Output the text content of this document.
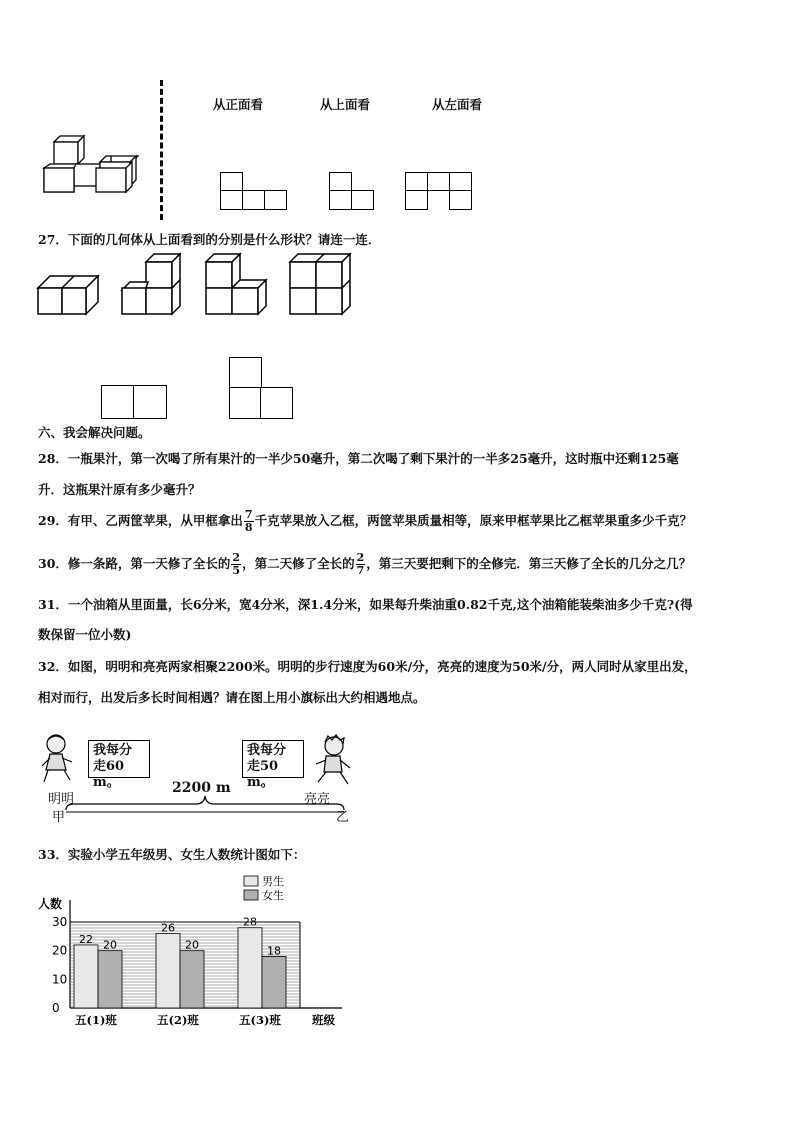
从正面看	从上面看	从左面看
27．下面的几何体从上面看到的分别是什么形状？请连一连．
六、我会解决问题。
28．一瓶果汁，第一次喝了所有果汁的一半少50毫升，第二次喝了剩下果汁的一半多25毫升，这时瓶中还剩125毫
升．这瓶果汁原有多少毫升？
29．有甲、乙两筐苹果，从甲框拿出 $\frac{7}{8}$ 千克苹果放入乙框，两筐苹果质量相等，原来甲框苹果比乙框苹果重多少千克？
30．修一条路，第一天修了全长的 $\frac{2}{5}$ ，第二天修了全长的 $\frac{2}{7}$ ，第三天要把剩下的全修完．第三天修了全长的几分之几？
31．一个油箱从里面量，长6分米，宽4分米，深1.4分米，如果每升柴油重0.82千克,这个油箱能装柴油多少千克?(得
数保留一位小数)
32．如图，明明和亮亮两家相聚2200米。明明的步行速度为60米/分，亮亮的速度为50米/分，两人同时从家里出发，
相对而行，出发后多长时间相遇？请在图上用小旗标出大约相遇地点。
我每分
走60 m。
我每分
走50 m。
2200 m
明明	亮亮
甲	乙
33．实验小学五年级男、女生人数统计图如下：
0
10
20
30
人数
22 20
五(1)班
26
20
五(2)班
28
18
五(3)班	班级
男生
女生
